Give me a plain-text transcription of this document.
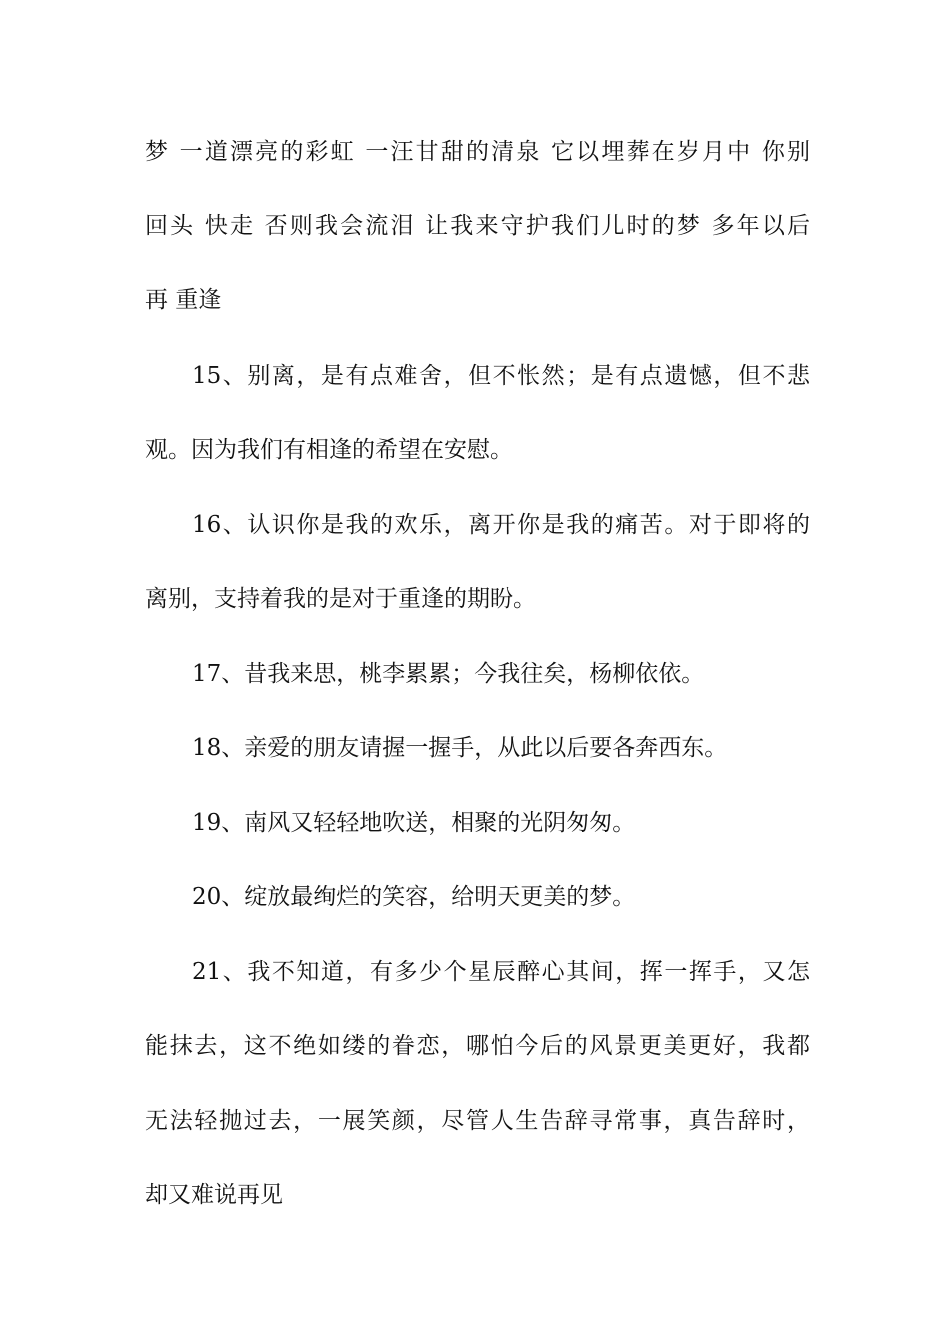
梦 一道漂亮的彩虹 一汪甘甜的清泉 它以埋葬在岁月中 你别
回头 快走 否则我会流泪 让我来守护我们儿时的梦 多年以后
再 重逢
15、别离，是有点难舍，但不怅然；是有点遗憾，但不悲
观。因为我们有相逢的希望在安慰。
16、认识你是我的欢乐，离开你是我的痛苦。对于即将的
离别，支持着我的是对于重逢的期盼。
17、昔我来思，桃李累累；今我往矣，杨柳依依。
18、亲爱的朋友请握一握手，从此以后要各奔西东。
19、南风又轻轻地吹送，相聚的光阴匆匆。
20、绽放最绚烂的笑容，给明天更美的梦。
21、我不知道，有多少个星辰醉心其间，挥一挥手，又怎
能抹去，这不绝如缕的眷恋，哪怕今后的风景更美更好，我都
无法轻抛过去，一展笑颜，尽管人生告辞寻常事，真告辞时，
却又难说再见
